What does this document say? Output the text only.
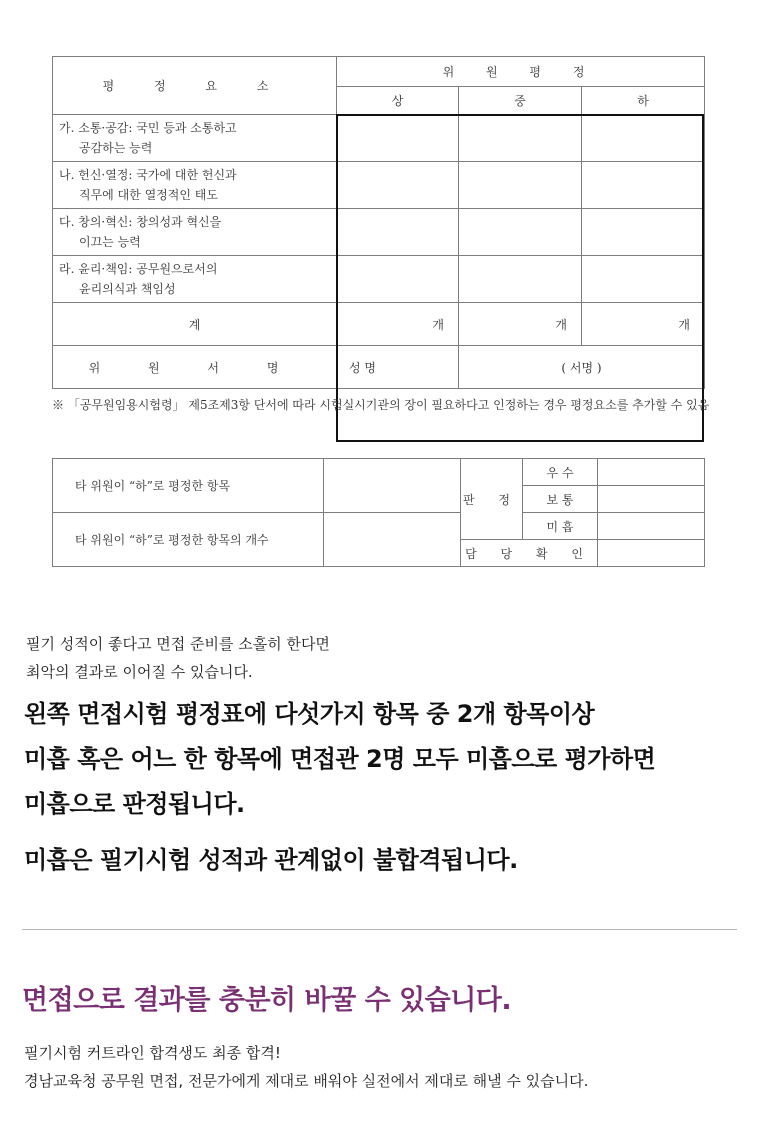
평 정 요 소	위 원 평 정		
	상	중	하
가. 소통·공감: 국민 등과 소통하고
공감하는 능력			

나. 헌신·열정: 국가에 대한 헌신과
직무에 대한 열정적인 태도			

다. 창의·혁신: 창의성과 혁신을
이끄는 능력			

라. 윤리·책임: 공무원으로서의
윤리의식과 책임성			

계	개	개	개
위 원 서 명	성 명	( 서명 )	
※ 「공무원임용시험령」 제5조제3항 단서에 따라 시험실시기관의 장이 필요하다고 인정하는 경우 평정요소를 추가할 수 있음
타 위원이 “하”로 평정한 항목		판 정	우 수	
			보 통	
타 위원이 “하”로 평정한 항목의 개수			미 흡	
		담 당 확 인		
필기 성적이 좋다고 면접 준비를 소홀히 한다면
최악의 결과로 이어질 수 있습니다.
왼쪽 면접시험 평정표에 다섯가지 항목 중 2개 항목이상
미흡 혹은 어느 한 항목에 면접관 2명 모두 미흡으로 평가하면
미흡으로 판정됩니다.
미흡은 필기시험 성적과 관계없이 불합격됩니다.
면접으로 결과를 충분히 바꿀 수 있습니다.
필기시험 커트라인 합격생도 최종 합격!
경남교육청 공무원 면접, 전문가에게 제대로 배워야 실전에서 제대로 해낼 수 있습니다.
